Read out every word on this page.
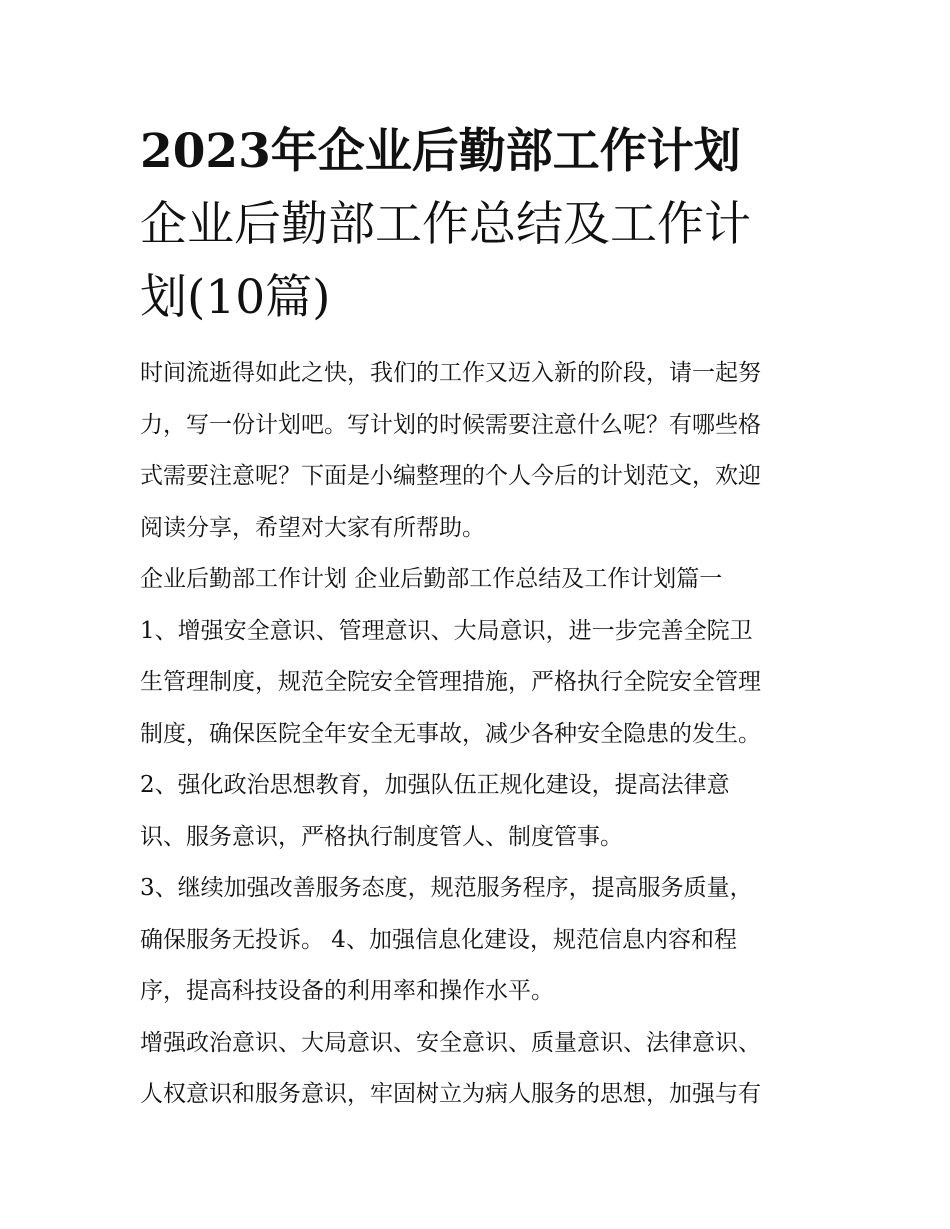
2023年企业后勤部工作计划
企业后勤部工作总结及工作计
划(10篇)

时间流逝得如此之快，我们的工作又迈入新的阶段，请一起努
力，写一份计划吧。写计划的时候需要注意什么呢？有哪些格
式需要注意呢？下面是小编整理的个人今后的计划范文，欢迎
阅读分享，希望对大家有所帮助。

企业后勤部工作计划 企业后勤部工作总结及工作计划篇一

1、增强安全意识、管理意识、大局意识，进一步完善全院卫
生管理制度，规范全院安全管理措施，严格执行全院安全管理
制度，确保医院全年安全无事故，减少各种安全隐患的发生。

2、强化政治思想教育，加强队伍正规化建设，提高法律意
识、服务意识，严格执行制度管人、制度管事。

3、继续加强改善服务态度，规范服务程序，提高服务质量，
确保服务无投诉。 4、加强信息化建设，规范信息内容和程
序，提高科技设备的利用率和操作水平。

增强政治意识、大局意识、安全意识、质量意识、法律意识、
人权意识和服务意识，牢固树立为病人服务的思想，加强与有
